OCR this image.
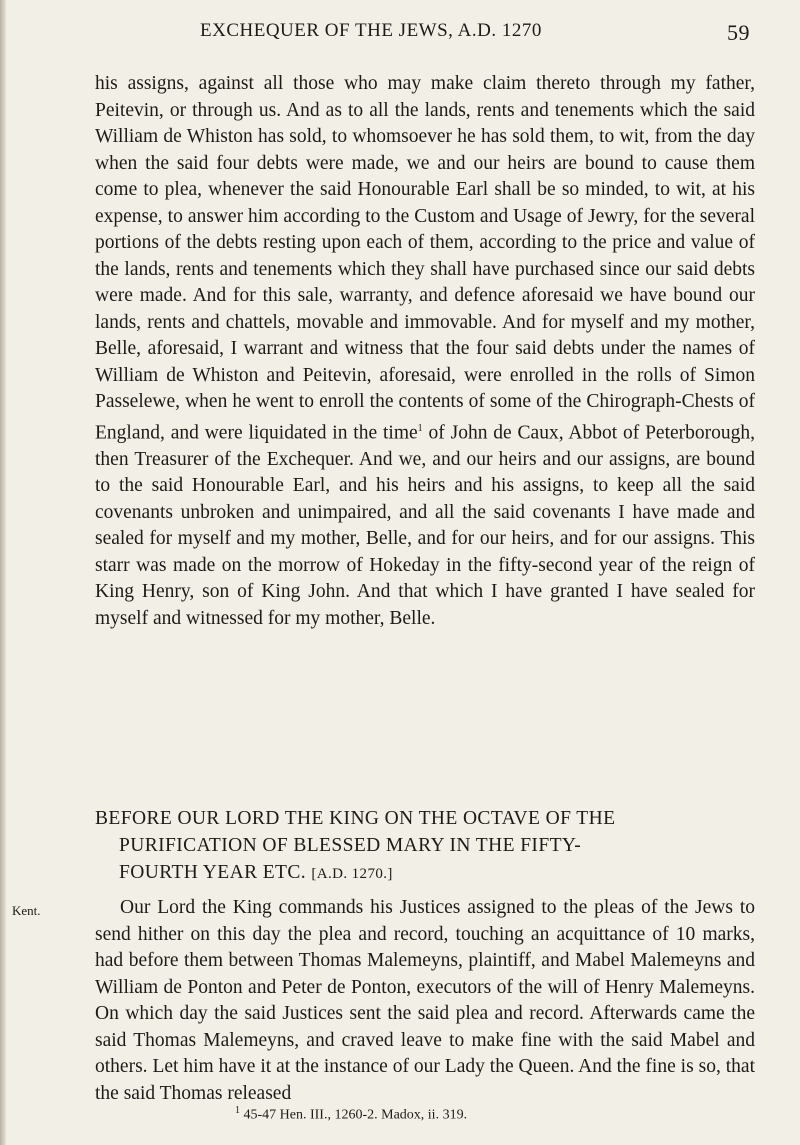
EXCHEQUER OF THE JEWS, A.D. 1270	59

his assigns, against all those who may make claim thereto through my father, Peitevin, or through us. And as to all the lands, rents and tenements which the said William de Whiston has sold, to whomsoever he has sold them, to wit, from the day when the said four debts were made, we and our heirs are bound to cause them come to plea, whenever the said Honourable Earl shall be so minded, to wit, at his expense, to answer him according to the Custom and Usage of Jewry, for the several portions of the debts resting upon each of them, according to the price and value of the lands, rents and tenements which they shall have purchased since our said debts were made. And for this sale, warranty, and defence aforesaid we have bound our lands, rents and chattels, movable and immovable. And for myself and my mother, Belle, aforesaid, I warrant and witness that the four said debts under the names of William de Whiston and Peitevin, aforesaid, were enrolled in the rolls of Simon Passelewe, when he went to enroll the contents of some of the Chirograph-Chests of England, and were liquidated in the time$^1$ of John de Caux, Abbot of Peterborough, then Treasurer of the Exchequer. And we, and our heirs and our assigns, are bound to the said Honourable Earl, and his heirs and his assigns, to keep all the said covenants unbroken and unimpaired, and all the said covenants I have made and sealed for myself and my mother, Belle, and for our heirs, and for our assigns. This starr was made on the morrow of Hokeday in the fifty-second year of the reign of King Henry, son of King John. And that which I have granted I have sealed for myself and witnessed for my mother, Belle.

BEFORE OUR LORD THE KING ON THE OCTAVE OF THE
PURIFICATION OF BLESSED MARY IN THE FIFTY-
FOURTH YEAR ETC. [A.D. 1270.]
Kent.	Our Lord the King commands his Justices assigned to the pleas of the Jews to send hither on this day the plea and record, touching an acquittance of 10 marks, had before them between Thomas Malemeyns, plaintiff, and Mabel Malemeyns and William de Ponton and Peter de Ponton, executors of the will of Henry Malemeyns. On which day the said Justices sent the said plea and record. Afterwards came the said Thomas Malemeyns, and craved leave to make fine with the said Mabel and others. Let him have it at the instance of our Lady the Queen. And the fine is so, that the said Thomas released

$^1$ 45-47 Hen. III., 1260-2. Madox, ii. 319.
